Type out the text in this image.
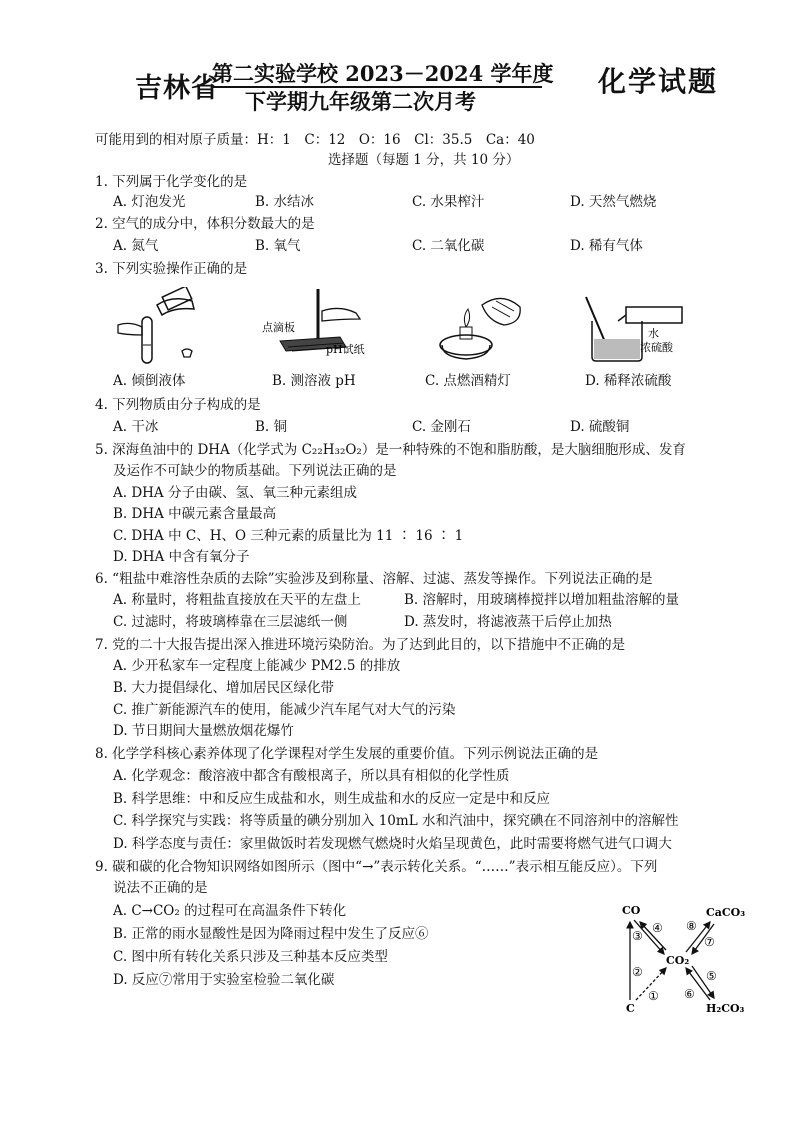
吉林省
第二实验学校 2023－2024 学年度
下学期九年级第二次月考
化学试题
可能用到的相对原子质量：H：1　C：12　O：16　Cl：35.5　Ca：40
选择题（每题 1 分，共 10 分）
1. 下列属于化学变化的是
A. 灯泡发光	B. 水结冰	C. 水果榨汁	D. 天然气燃烧
2. 空气的成分中，体积分数最大的是
A. 氮气	B. 氧气	C. 二氧化碳	D. 稀有气体
3. 下列实验操作正确的是
点滴板
pH试纸
水
浓硫酸
A. 倾倒液体	B. 测溶液 pH	C. 点燃酒精灯	D. 稀释浓硫酸
4. 下列物质由分子构成的是
A. 干冰	B. 铜	C. 金刚石	D. 硫酸铜
5. 深海鱼油中的 DHA（化学式为 C₂₂H₃₂O₂）是一种特殊的不饱和脂肪酸，是大脑细胞形成、发育
及运作不可缺少的物质基础。下列说法正确的是
A. DHA 分子由碳、氢、氧三种元素组成
B. DHA 中碳元素含量最高
C. DHA 中 C、H、O 三种元素的质量比为 11 ∶ 16 ∶ 1
D. DHA 中含有氧分子
6. “粗盐中难溶性杂质的去除”实验涉及到称量、溶解、过滤、蒸发等操作。下列说法正确的是
A. 称量时，将粗盐直接放在天平的左盘上	B. 溶解时，用玻璃棒搅拌以增加粗盐溶解的量
C. 过滤时，将玻璃棒靠在三层滤纸一侧	D. 蒸发时，将滤液蒸干后停止加热
7. 党的二十大报告提出深入推进环境污染防治。为了达到此目的，以下措施中不正确的是
A. 少开私家车一定程度上能减少 PM2.5 的排放
B. 大力提倡绿化、增加居民区绿化带
C. 推广新能源汽车的使用，能减少汽车尾气对大气的污染
D. 节日期间大量燃放烟花爆竹
8. 化学学科核心素养体现了化学课程对学生发展的重要价值。下列示例说法正确的是
A. 化学观念：酸溶液中都含有酸根离子，所以具有相似的化学性质
B. 科学思维：中和反应生成盐和水，则生成盐和水的反应一定是中和反应
C. 科学探究与实践：将等质量的碘分别加入 10mL 水和汽油中，探究碘在不同溶剂中的溶解性
D. 科学态度与责任：家里做饭时若发现燃气燃烧时火焰呈现黄色，此时需要将燃气进气口调大
9. 碳和碳的化合物知识网络如图所示（图中“→”表示转化关系。“……”表示相互能反应）。下列
说法不正确的是
A. C→CO₂ 的过程可在高温条件下转化
B. 正常的雨水显酸性是因为降雨过程中发生了反应⑥
C. 图中所有转化关系只涉及三种基本反应类型
D. 反应⑦常用于实验室检验二氧化碳
CO	CaCO₃
CO₂
C	H₂CO₃
③
④
②
①
⑧
⑦
⑤
⑥
